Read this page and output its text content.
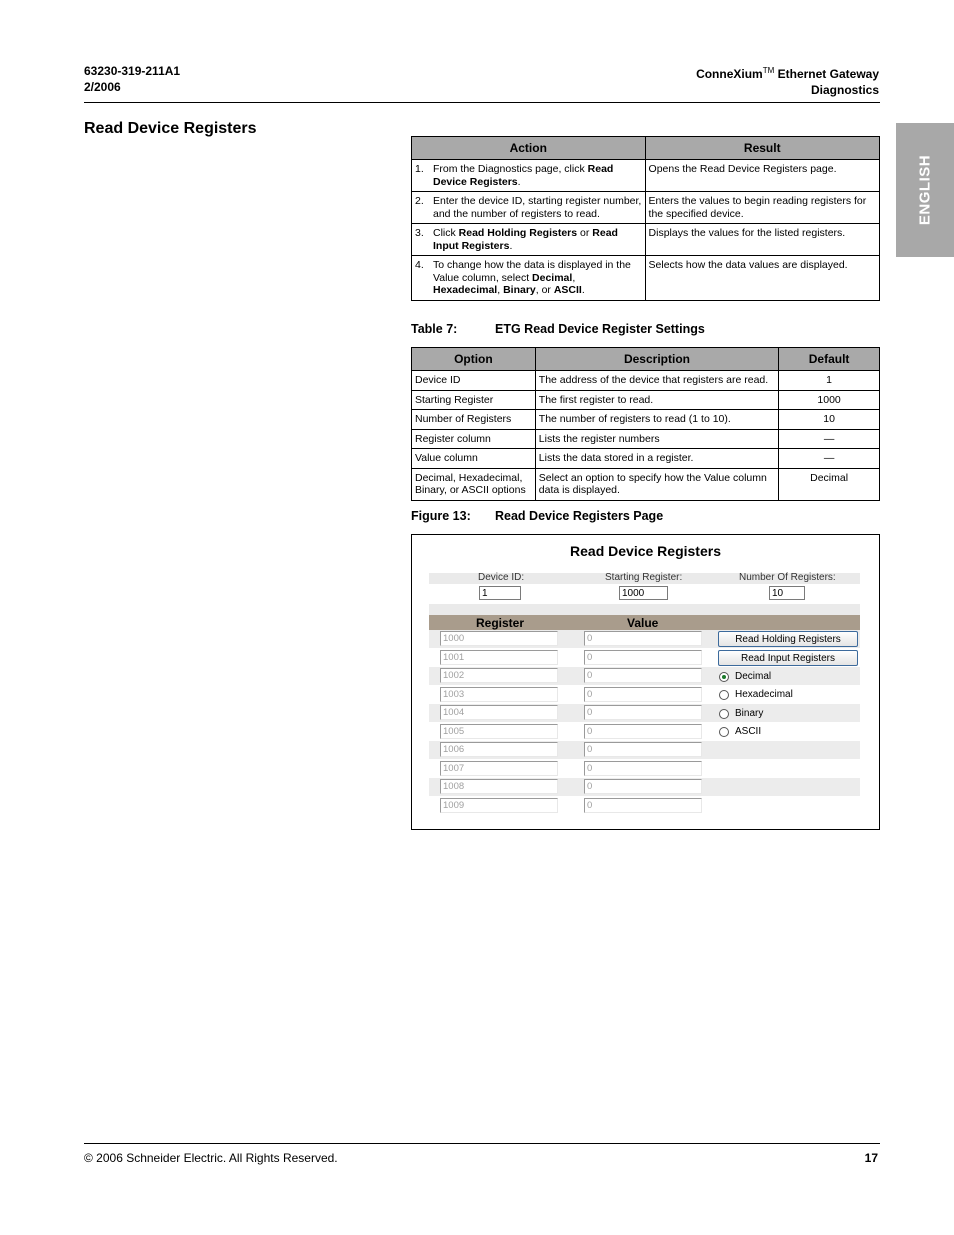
63230-319-211A1
2/2006
ConneXium™ Ethernet Gateway
Diagnostics
ENGLISH
Read Device Registers
Action	Result

1. From the Diagnostics page, click Read Device Registers.	Opens the Read Device Registers page.

2. Enter the device ID, starting register number, and the number of registers to read.	Enters the values to begin reading registers for the specified device.

3. Click Read Holding Registers or Read Input Registers.	Displays the values for the listed registers.

4. To change how the data is displayed in the Value column, select Decimal, Hexadecimal, Binary, or ASCII.	Selects how the data values are displayed.
Table 7:	ETG Read Device Register Settings
Option	Description	Default
Device ID	The address of the device that registers are read.	1
Starting Register	The first register to read.	1000
Number of Registers	The number of registers to read (1 to 10).	10
Register column	Lists the register numbers	—
Value column	Lists the data stored in a register.	—
Decimal, Hexadecimal, Binary, or ASCII options	Select an option to specify how the Value column data is displayed.	Decimal
Figure 13: Read Device Registers Page
Read Device Registers
Device ID:	Starting Register:	Number Of Registers:
1	1000	10
Register	Value
1000	0
1001	0
1002	0
1003	0
1004	0
1005	0
1006	0
1007	0
1008	0
1009	0
Read Holding Registers
Read Input Registers
Decimal
Hexadecimal
Binary
ASCII
© 2006 Schneider Electric. All Rights Reserved.	17
